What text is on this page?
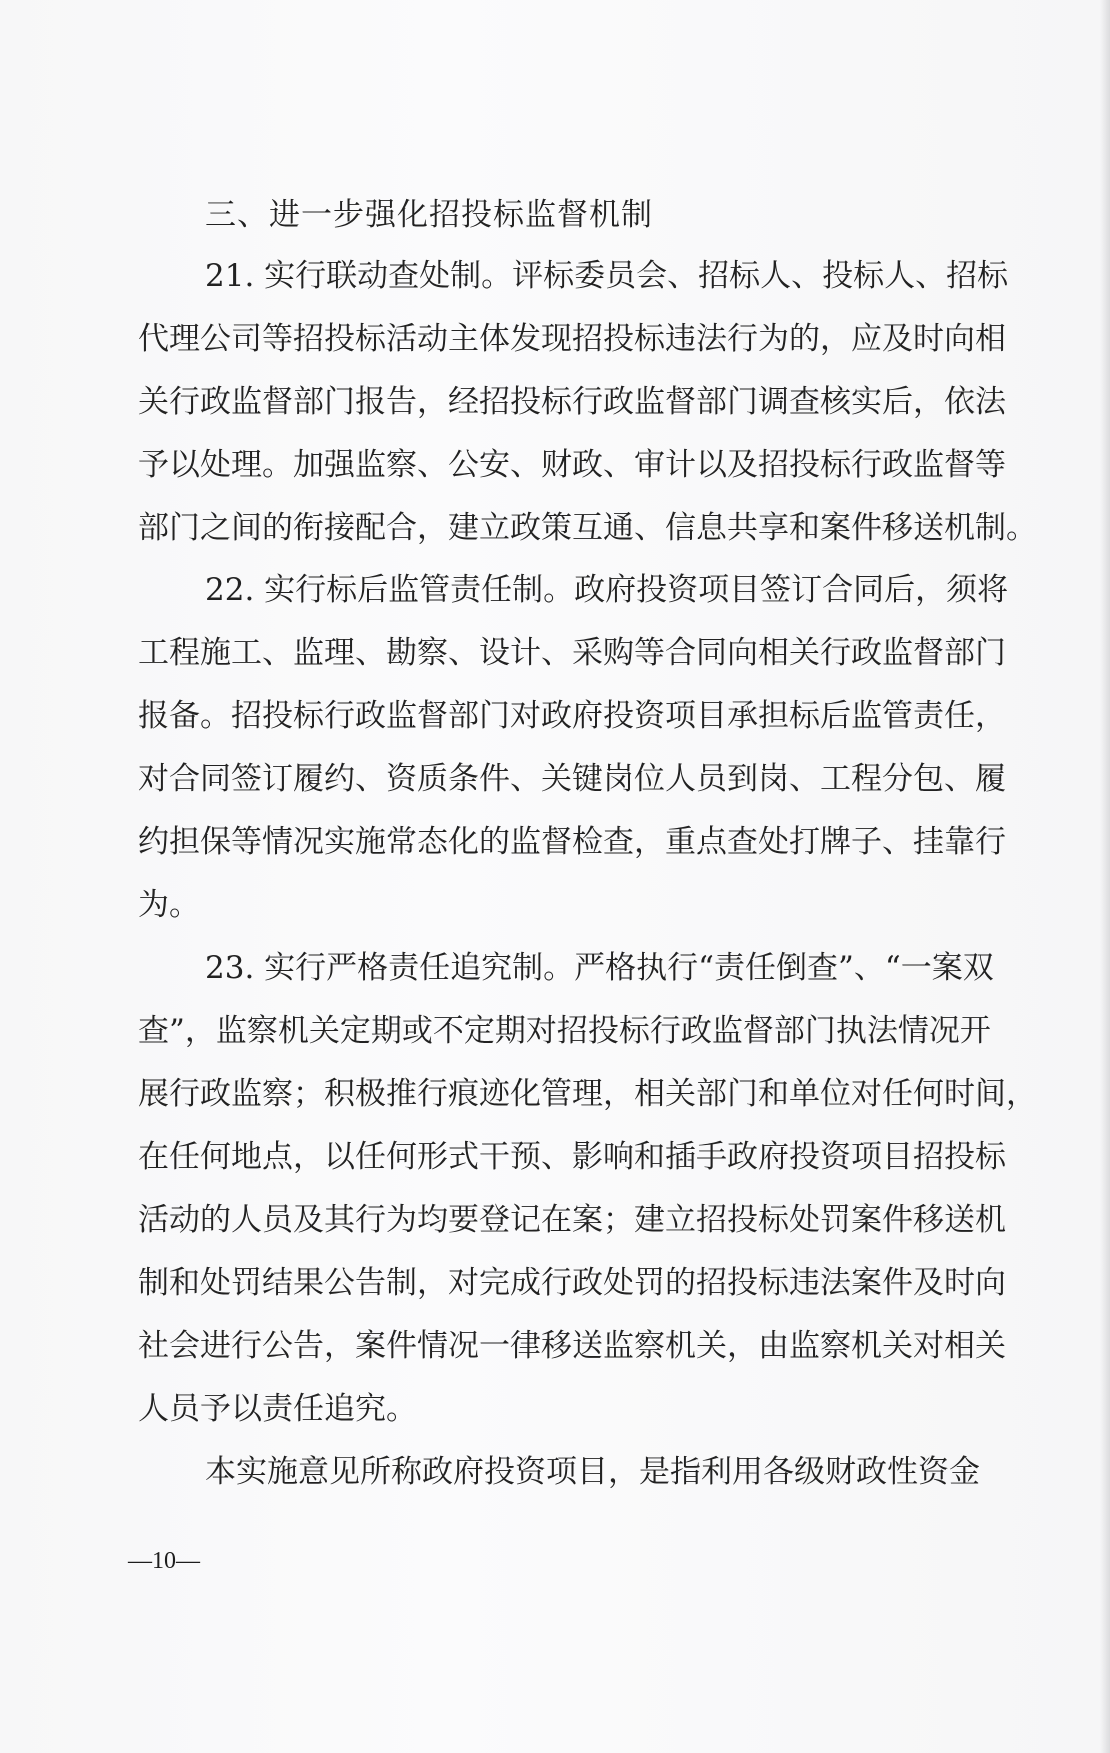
三、进一步强化招投标监督机制
21. 实行联动查处制。评标委员会、招标人、投标人、招标
代理公司等招投标活动主体发现招投标违法行为的，应及时向相
关行政监督部门报告，经招投标行政监督部门调查核实后，依法
予以处理。加强监察、公安、财政、审计以及招投标行政监督等
部门之间的衔接配合，建立政策互通、信息共享和案件移送机制。
22. 实行标后监管责任制。政府投资项目签订合同后，须将
工程施工、监理、勘察、设计、采购等合同向相关行政监督部门
报备。招投标行政监督部门对政府投资项目承担标后监管责任，
对合同签订履约、资质条件、关键岗位人员到岗、工程分包、履
约担保等情况实施常态化的监督检查，重点查处打牌子、挂靠行
为。
23. 实行严格责任追究制。严格执行“责任倒查”、“一案双
查”，监察机关定期或不定期对招投标行政监督部门执法情况开
展行政监察；积极推行痕迹化管理，相关部门和单位对任何时间，
在任何地点，以任何形式干预、影响和插手政府投资项目招投标
活动的人员及其行为均要登记在案；建立招投标处罚案件移送机
制和处罚结果公告制，对完成行政处罚的招投标违法案件及时向
社会进行公告，案件情况一律移送监察机关，由监察机关对相关
人员予以责任追究。
本实施意见所称政府投资项目，是指利用各级财政性资金
—10—
